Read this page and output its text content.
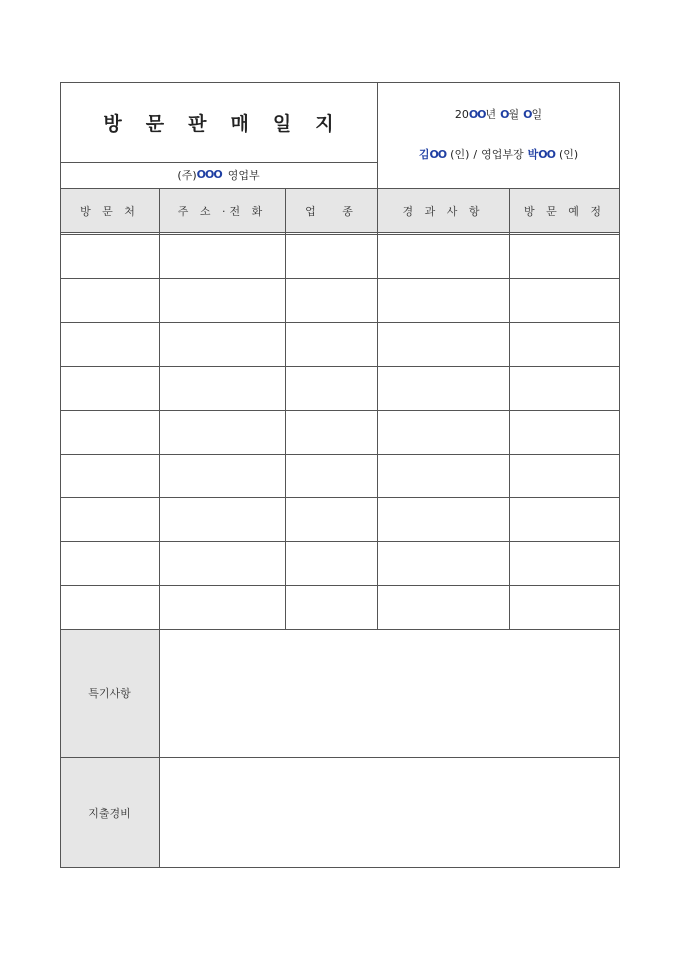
방 문 판 매 일 지
(주) OOO 영업부
20 OO 년 O 월 O 일
김 OO (인) / 영업부장 박 OO (인)
방 문 처	주 소 ·전 화	업   종	경 과 사 항	방 문 예 정
특기사항
지출경비
